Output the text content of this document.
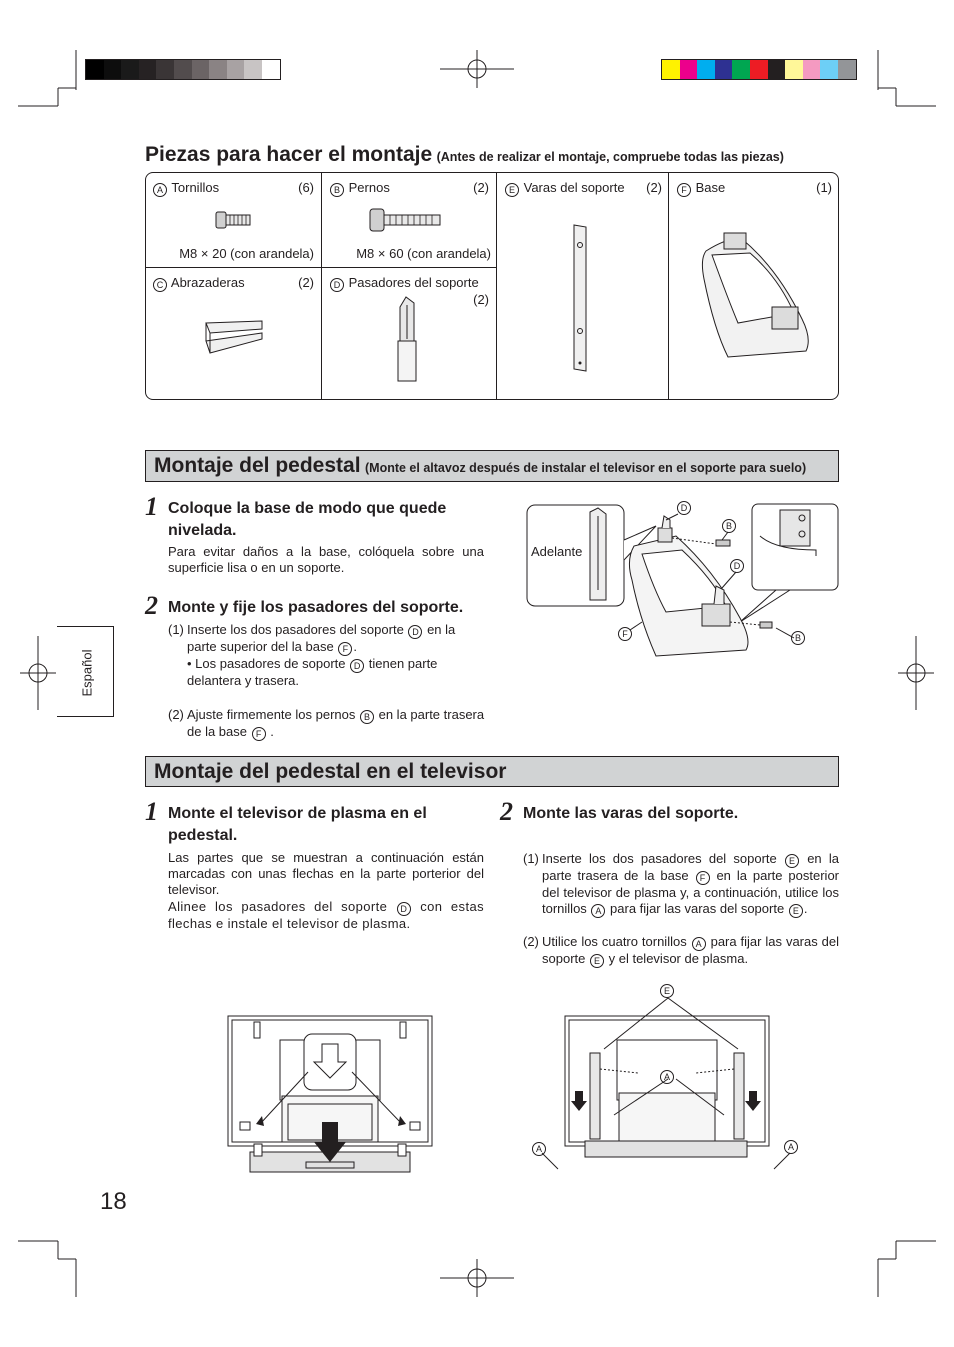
Piezas para hacer el montaje (Antes de realizar el montaje, compruebe todas las piezas)
A Tornillos	(6)
M8 × 20 (con arandela)
B Pernos	(2)
M8 × 60 (con arandela)
E Varas del soporte (2)	F Base	(1)
C Abrazaderas	(2)	D Pasadores del soporte
(2)
Montaje del pedestal (Monte el altavoz después de instalar el televisor en el soporte para suelo)
1 Coloque la base de modo que quede nivelada.
Para evitar daños a la base, colóquela sobre una superficie lisa o en un soporte.
2 Monte y fije los pasadores del soporte.
(1) Inserte los dos pasadores del soporte D en la parte superior del la base F .
• Los pasadores de soporte D tienen parte delantera y trasera.
(2) Ajuste firmemente los pernos B en la parte trasera de la base F .
Adelante
D
B
D
F	B
Español
Montaje del pedestal en el televisor
1 Monte el televisor de plasma en el pedestal.
Las partes que se muestran a continuación están marcadas con unas flechas en la parte porterior del televisor.
Alinee los pasadores del soporte D con estas flechas e instale el televisor de plasma.
2 Monte las varas del soporte.
(1) Inserte los dos pasadores del soporte E en la parte trasera de la base F en la parte posterior del televisor de plasma y, a continuación, utilice los tornillos A para fijar las varas del soporte E .
(2) Utilice los cuatro tornillos A para fijar las varas del soporte E y el televisor de plasma.
E
A
A	A
18
